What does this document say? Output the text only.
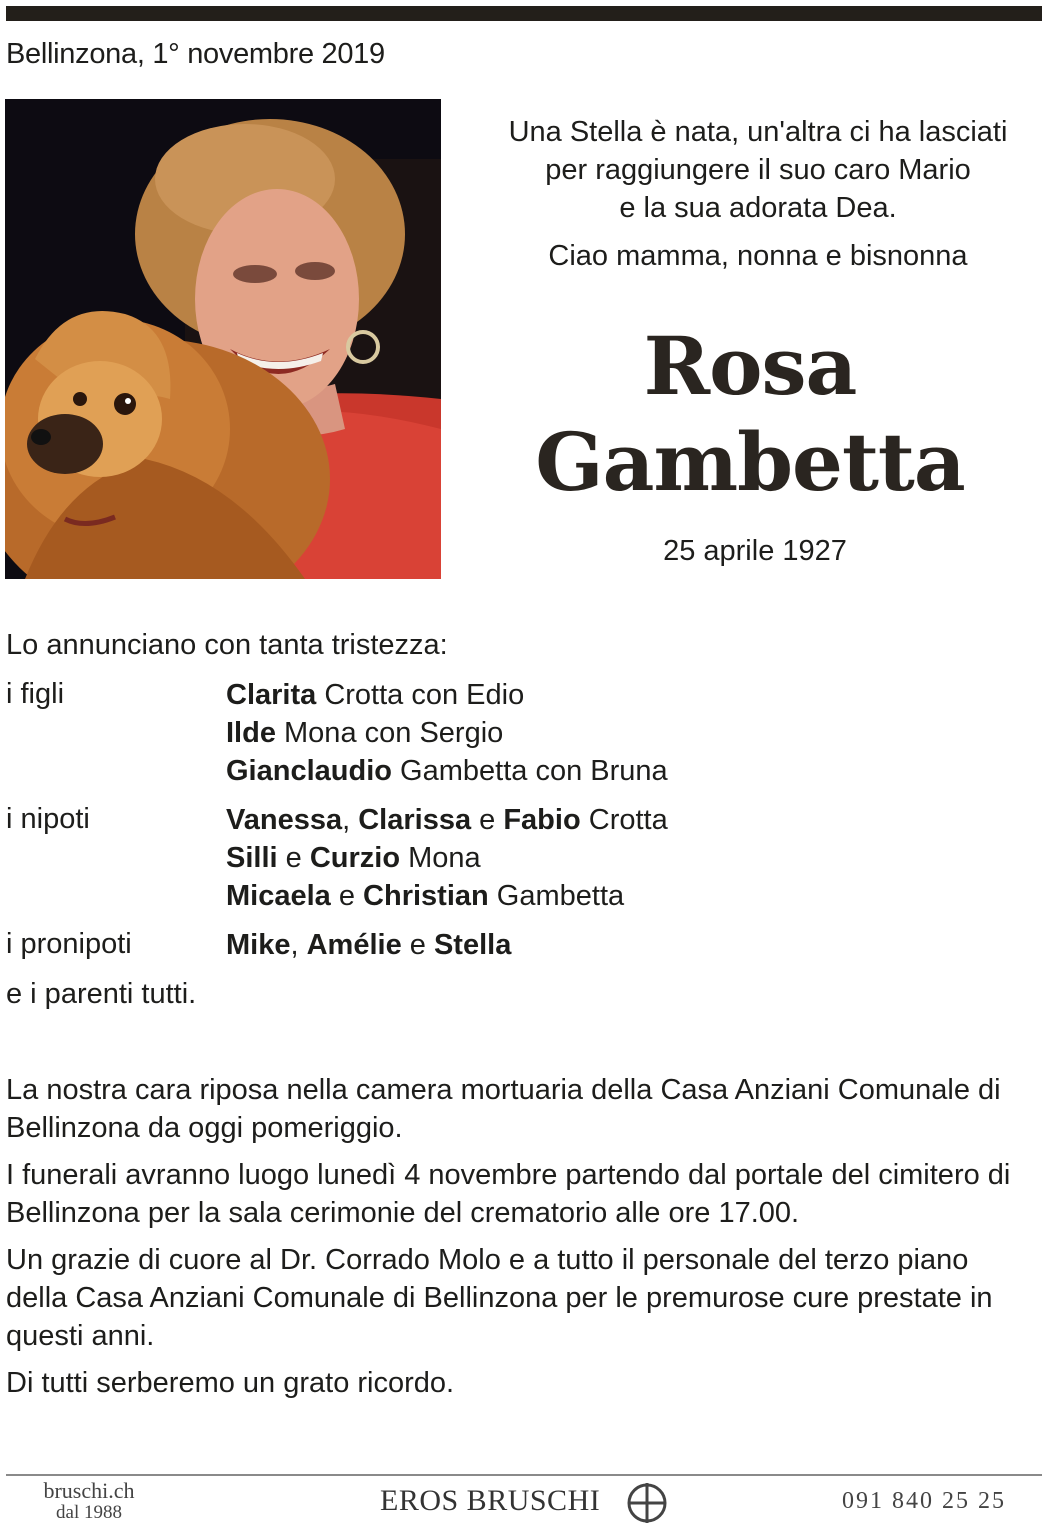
Bellinzona, 1° novembre 2019
Una Stella è nata, un'altra ci ha lasciati
per raggiungere il suo caro Mario
e la sua adorata Dea.
Ciao mamma, nonna e bisnonna
Rosa
Gambetta
25 aprile 1927
Lo annunciano con tanta tristezza:
i figli	Clarita Crotta con Edio
Ilde Mona con Sergio
Gianclaudio Gambetta con Bruna
i nipoti	Vanessa, Clarissa e Fabio Crotta
Silli e Curzio Mona
Micaela e Christian Gambetta
i pronipoti	Mike, Amélie e Stella
e i parenti tutti.

La nostra cara riposa nella camera mortuaria della Casa Anziani Comunale di Bellinzona da oggi pomeriggio.

I funerali avranno luogo lunedì 4 novembre partendo dal portale del cimitero di Bellinzona per la sala cerimonie del crematorio alle ore 17.00.

Un grazie di cuore al Dr. Corrado Molo e a tutto il personale del terzo piano della Casa Anziani Comunale di Bellinzona per le premurose cure prestate in questi anni.

Di tutti serberemo un grato ricordo.

bruschi.ch
dal 1988	EROS BRUSCHI	091 840 25 25
